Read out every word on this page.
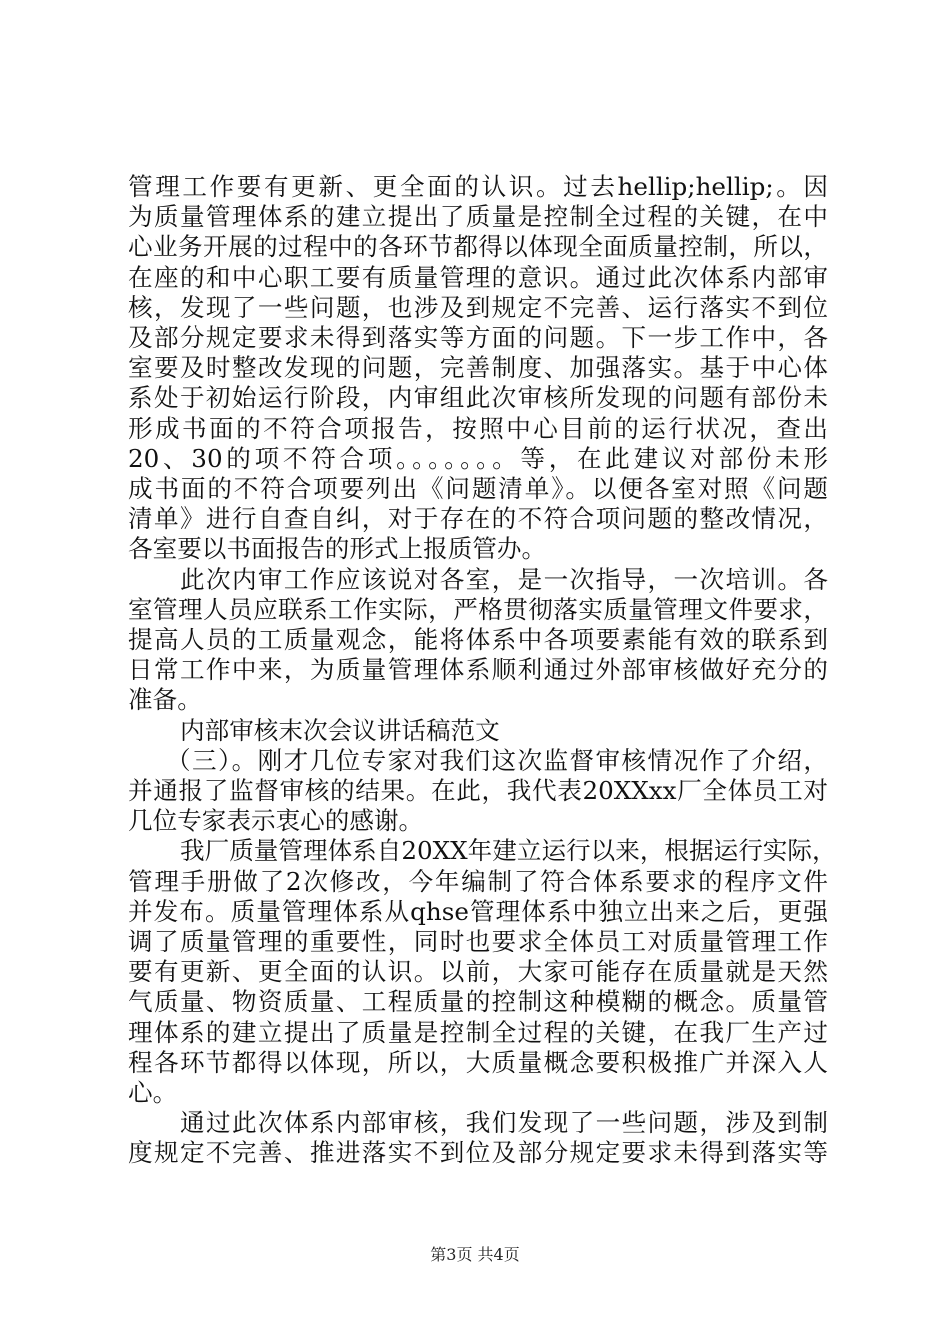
管理工作要有更新、更全面的认识。过去hellip;hellip;。因
为质量管理体系的建立提出了质量是控制全过程的关键，在中
心业务开展的过程中的各环节都得以体现全面质量控制，所以，
在座的和中心职工要有质量管理的意识。通过此次体系内部审
核，发现了一些问题，也涉及到规定不完善、运行落实不到位
及部分规定要求未得到落实等方面的问题。下一步工作中，各
室要及时整改发现的问题，完善制度、加强落实。基于中心体
系处于初始运行阶段，内审组此次审核所发现的问题有部份未
形成书面的不符合项报告，按照中心目前的运行状况，查出
20、30的项不符合项。。。。。。。等，在此建议对部份未形
成书面的不符合项要列出《问题清单》。以便各室对照《问题
清单》进行自查自纠，对于存在的不符合项问题的整改情况，
各室要以书面报告的形式上报质管办。
此次内审工作应该说对各室，是一次指导，一次培训。各
室管理人员应联系工作实际，严格贯彻落实质量管理文件要求，
提高人员的工质量观念，能将体系中各项要素能有效的联系到
日常工作中来，为质量管理体系顺利通过外部审核做好充分的
准备。
内部审核末次会议讲话稿范文
（三）。刚才几位专家对我们这次监督审核情况作了介绍，
并通报了监督审核的结果。在此，我代表20XXxx厂全体员工对
几位专家表示衷心的感谢。
我厂质量管理体系自20XX年建立运行以来，根据运行实际，
管理手册做了2次修改，今年编制了符合体系要求的程序文件
并发布。质量管理体系从qhse管理体系中独立出来之后，更强
调了质量管理的重要性，同时也要求全体员工对质量管理工作
要有更新、更全面的认识。以前，大家可能存在质量就是天然
气质量、物资质量、工程质量的控制这种模糊的概念。质量管
理体系的建立提出了质量是控制全过程的关键，在我厂生产过
程各环节都得以体现，所以，大质量概念要积极推广并深入人
心。
通过此次体系内部审核，我们发现了一些问题，涉及到制
度规定不完善、推进落实不到位及部分规定要求未得到落实等
第3页 共4页
